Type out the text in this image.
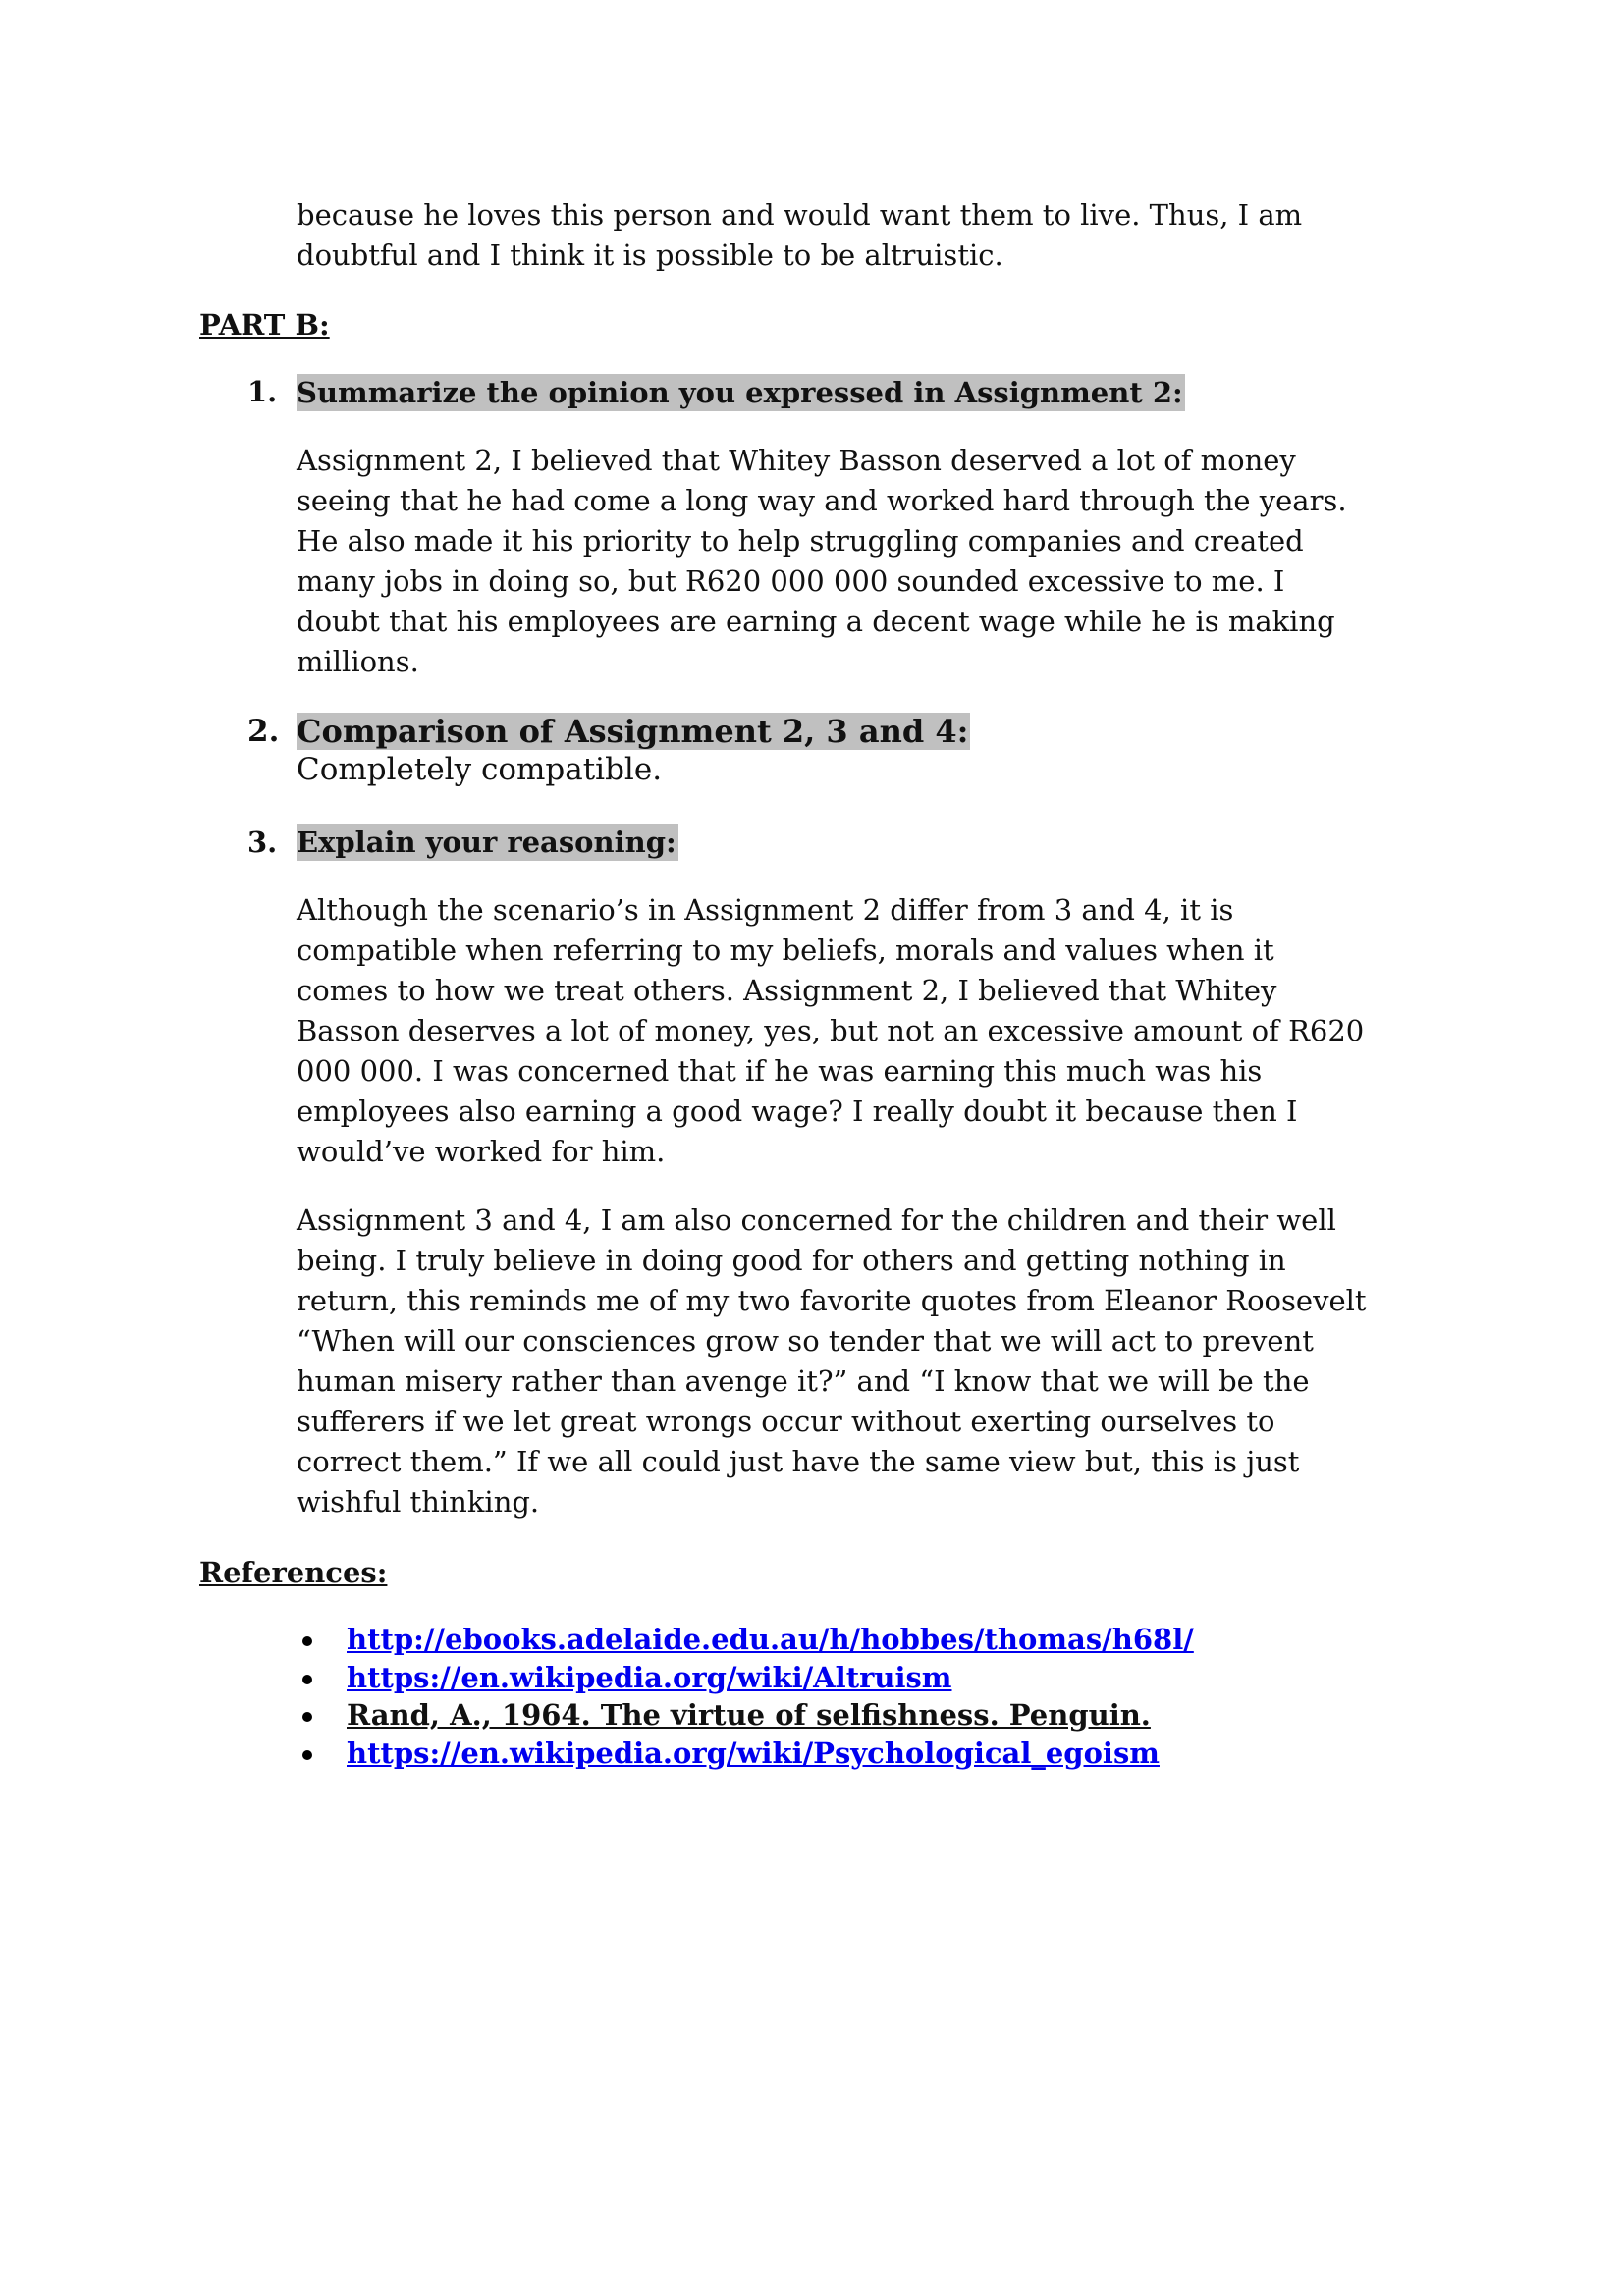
because he loves this person and would want them to live. Thus, I am
doubtful and I think it is possible to be altruistic.
PART B:
1. Summarize the opinion you expressed in Assignment 2:
Assignment 2, I believed that Whitey Basson deserved a lot of money
seeing that he had come a long way and worked hard through the years.
He also made it his priority to help struggling companies and created
many jobs in doing so, but R620 000 000 sounded excessive to me. I
doubt that his employees are earning a decent wage while he is making
millions.
2. Comparison of Assignment 2, 3 and 4:
Completely compatible.
3. Explain your reasoning:
Although the scenario’s in Assignment 2 differ from 3 and 4, it is
compatible when referring to my beliefs, morals and values when it
comes to how we treat others. Assignment 2, I believed that Whitey
Basson deserves a lot of money, yes, but not an excessive amount of R620
000 000. I was concerned that if he was earning this much was his
employees also earning a good wage? I really doubt it because then I
would’ve worked for him.
Assignment 3 and 4, I am also concerned for the children and their well
being. I truly believe in doing good for others and getting nothing in
return, this reminds me of my two favorite quotes from Eleanor Roosevelt
“When will our consciences grow so tender that we will act to prevent
human misery rather than avenge it?” and “I know that we will be the
sufferers if we let great wrongs occur without exerting ourselves to
correct them.” If we all could just have the same view but, this is just
wishful thinking.
References:
http://ebooks.adelaide.edu.au/h/hobbes/thomas/h68l/
https://en.wikipedia.org/wiki/Altruism
Rand, A., 1964. The virtue of selfishness. Penguin.
https://en.wikipedia.org/wiki/Psychological_egoism
